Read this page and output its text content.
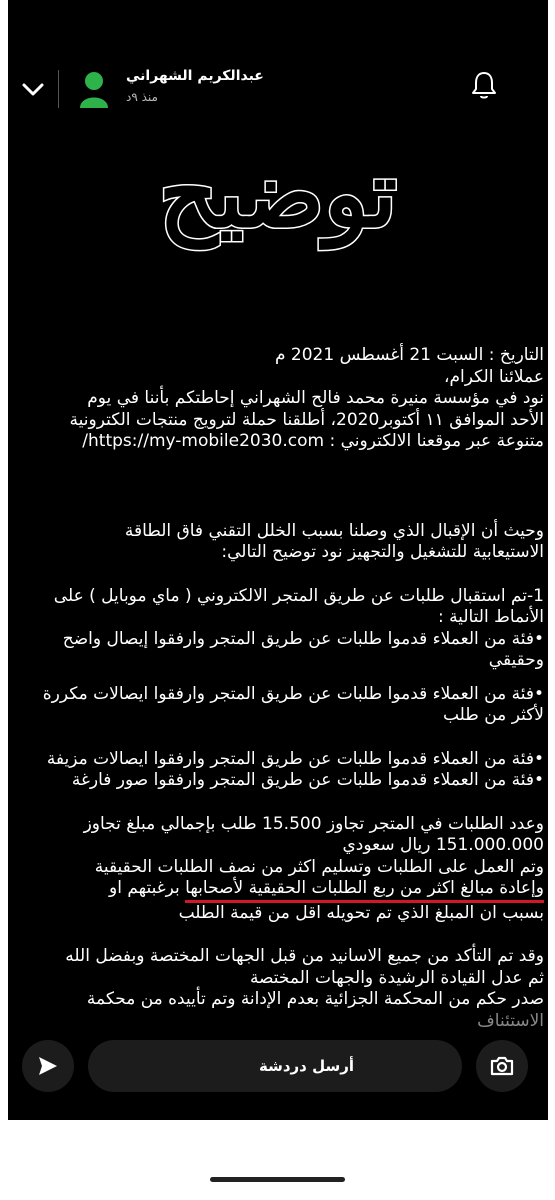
عبدالكريم الشهراني
منذ ٩د
توضيح

التاريخ : السبت 21 أغسطس 2021 م

عملائنا الكرام،

نود في مؤسسة منيرة محمد فالح الشهراني إحاطتكم بأننا في يوم

الأحد الموافق ١١ أكتوبر2020، أطلقنا حملة لترويج منتجات الكترونية

متنوعة عبر موقعنا الالكتروني : https://my-mobile2030.com/

وحيث أن الإقبال الذي وصلنا بسبب الخلل التقني فاق الطاقة

الاستيعابية للتشغيل والتجهيز نود توضيح التالي:

1-تم استقبال طلبات عن طريق المتجر الالكتروني ( ماي موبايل ) على

الأنماط التالية :

•فئة من العملاء قدموا طلبات عن طريق المتجر وارفقوا إيصال واضح

وحقيقي

•فئة من العملاء قدموا طلبات عن طريق المتجر وارفقوا ايصالات مكررة

لأكثر من طلب

•فئة من العملاء قدموا طلبات عن طريق المتجر وارفقوا ايصالات مزيفة

•فئة من العملاء قدموا طلبات عن طريق المتجر وارفقوا صور فارغة

وعدد الطلبات في المتجر تجاوز 15.500 طلب بإجمالي مبلغ تجاوز

151.000.000 ريال سعودي

وتم العمل على الطلبات وتسليم اكثر من نصف الطلبات الحقيقية

وإعادة مبالغ اكثر من ربع الطلبات الحقيقية لأصحابها برغبتهم او

بسبب ان المبلغ الذي تم تحويله اقل من قيمة الطلب

وقد تم التأكد من جميع الاسانيد من قبل الجهات المختصة وبفضل الله

ثم عدل القيادة الرشيدة والجهات المختصة

صدر حكم من المحكمة الجزائية بعدم الإدانة وتم تأييده من محكمة

الاستئناف

أرسل دردشة
